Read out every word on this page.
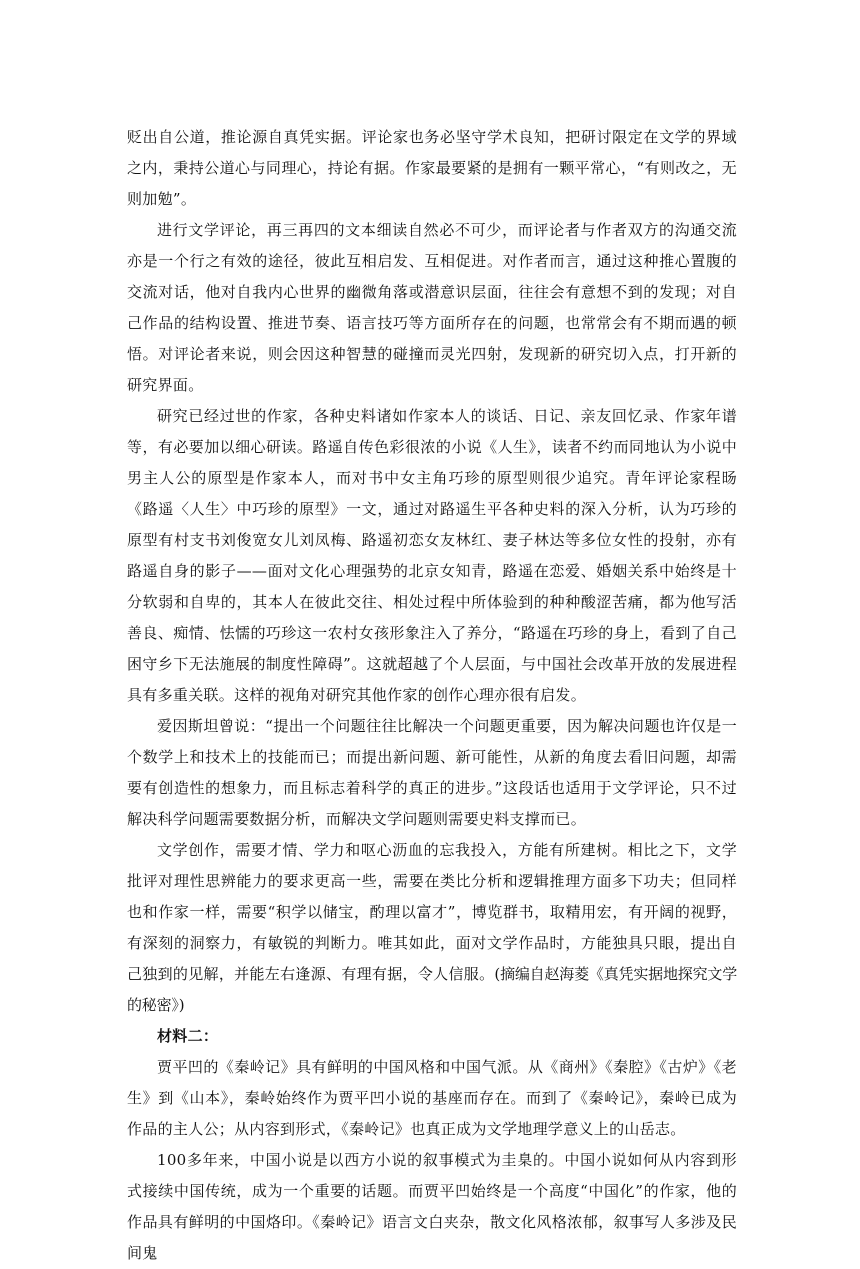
贬出自公道，推论源自真凭实据。评论家也务必坚守学术良知，把研讨限定在文学的界域之内，秉持公道心与同理心，持论有据。作家最要紧的是拥有一颗平常心，“有则改之，无则加勉”。

进行文学评论，再三再四的文本细读自然必不可少，而评论者与作者双方的沟通交流亦是一个行之有效的途径，彼此互相启发、互相促进。对作者而言，通过这种推心置腹的交流对话，他对自我内心世界的幽微角落或潜意识层面，往往会有意想不到的发现；对自己作品的结构设置、推进节奏、语言技巧等方面所存在的问题，也常常会有不期而遇的顿悟。对评论者来说，则会因这种智慧的碰撞而灵光四射，发现新的研究切入点，打开新的研究界面。

研究已经过世的作家，各种史料诸如作家本人的谈话、日记、亲友回忆录、作家年谱等，有必要加以细心研读。路遥自传色彩很浓的小说《人生》，读者不约而同地认为小说中男主人公的原型是作家本人，而对书中女主角巧珍的原型则很少追究。青年评论家程旸《路遥〈人生〉中巧珍的原型》一文，通过对路遥生平各种史料的深入分析，认为巧珍的原型有村支书刘俊宽女儿刘凤梅、路遥初恋女友林红、妻子林达等多位女性的投射，亦有路遥自身的影子——面对文化心理强势的北京女知青，路遥在恋爱、婚姻关系中始终是十分软弱和自卑的，其本人在彼此交往、相处过程中所体验到的种种酸涩苦痛，都为他写活善良、痴情、怯懦的巧珍这一农村女孩形象注入了养分，“路遥在巧珍的身上，看到了自己困守乡下无法施展的制度性障碍”。这就超越了个人层面，与中国社会改革开放的发展进程具有多重关联。这样的视角对研究其他作家的创作心理亦很有启发。

爱因斯坦曾说：“提出一个问题往往比解决一个问题更重要，因为解决问题也许仅是一个数学上和技术上的技能而已；而提出新问题、新可能性，从新的角度去看旧问题，却需要有创造性的想象力，而且标志着科学的真正的进步。”这段话也适用于文学评论，只不过解决科学问题需要数据分析，而解决文学问题则需要史料支撑而已。

文学创作，需要才情、学力和呕心沥血的忘我投入，方能有所建树。相比之下，文学批评对理性思辨能力的要求更高一些，需要在类比分析和逻辑推理方面多下功夫；但同样也和作家一样，需要“积学以储宝，酌理以富才”，博览群书，取精用宏，有开阔的视野，有深刻的洞察力，有敏锐的判断力。唯其如此，面对文学作品时，方能独具只眼，提出自己独到的见解，并能左右逢源、有理有据，令人信服。(摘编自赵海菱《真凭实据地探究文学的秘密》)

材料二：

贾平凹的《秦岭记》具有鲜明的中国风格和中国气派。从《商州》《秦腔》《古炉》《老生》到《山本》，秦岭始终作为贾平凹小说的基座而存在。而到了《秦岭记》，秦岭已成为作品的主人公；从内容到形式，《秦岭记》也真正成为文学地理学意义上的山岳志。

100多年来，中国小说是以西方小说的叙事模式为圭臬的。中国小说如何从内容到形式接续中国传统，成为一个重要的话题。而贾平凹始终是一个高度“中国化”的作家，他的作品具有鲜明的中国烙印。《秦岭记》语言文白夹杂，散文化风格浓郁，叙事写人多涉及民间鬼
